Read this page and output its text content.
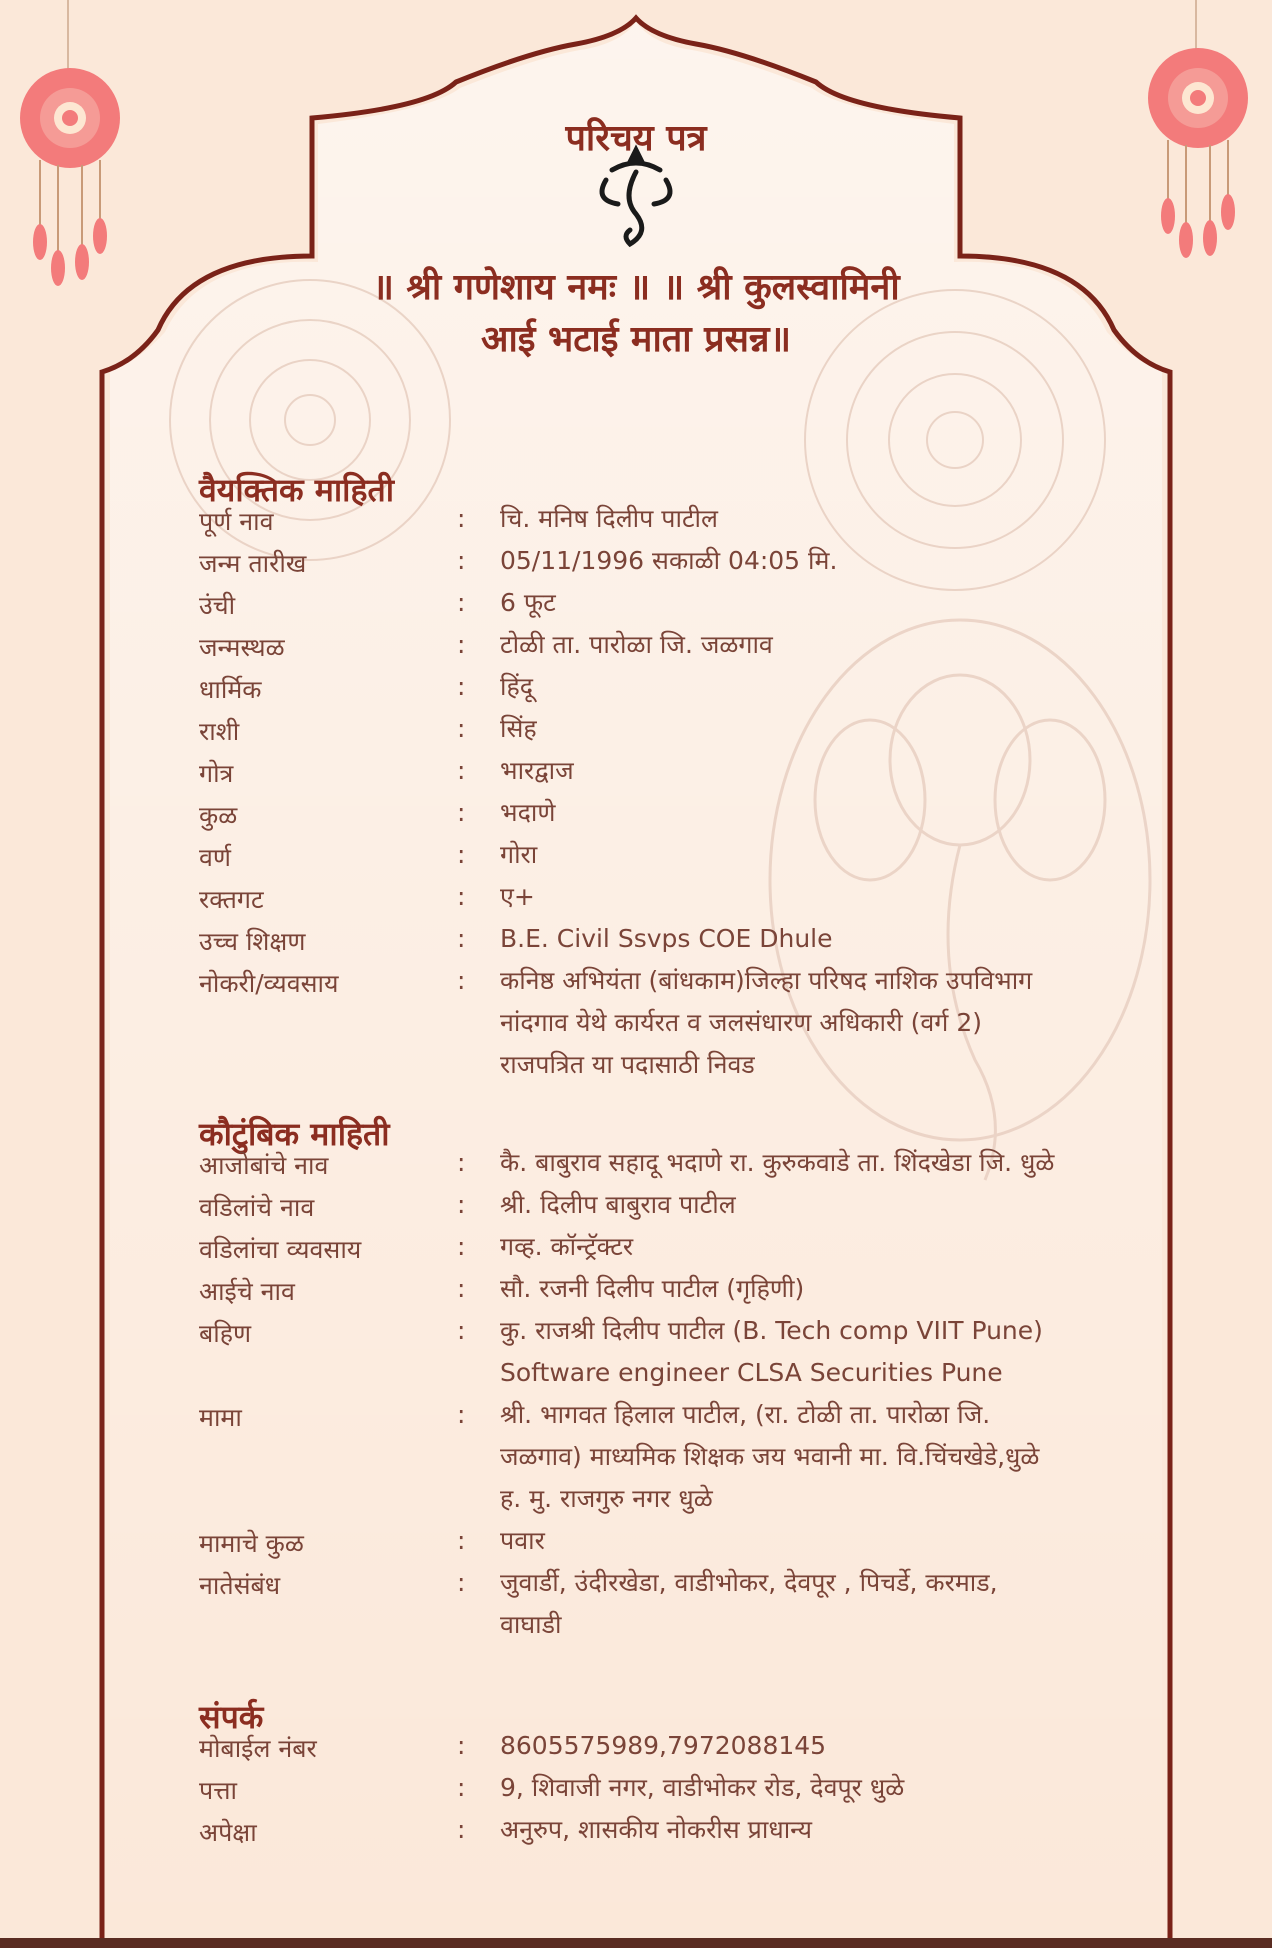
परिचय पत्र
॥ श्री गणेशाय नमः ॥ ॥ श्री कुलस्वामिनी
आई भटाई माता प्रसन्न॥
वैयक्तिक माहिती
पूर्ण नाव	: चि. मनिष दिलीप पाटील
जन्म तारीख	: 05/11/1996 सकाळी 04:05 मि.
उंची	: 6 फूट
जन्मस्थळ	: टोळी ता. पारोळा जि. जळगाव
धार्मिक	: हिंदू
राशी	: सिंह
गोत्र	: भारद्वाज
कुळ	: भदाणे
वर्ण	: गोरा
रक्तगट	: ए+
उच्च शिक्षण	: B.E. Civil Ssvps COE Dhule
नोकरी/व्यवसाय	: कनिष्ठ अभियंता (बांधकाम)जिल्हा परिषद नाशिक उपविभाग
नांदगाव येथे कार्यरत व जलसंधारण अधिकारी (वर्ग 2)
राजपत्रित या पदासाठी निवड
कौटुंबिक माहिती
आजोबांचे नाव	: कै. बाबुराव सहादू भदाणे रा. कुरुकवाडे ता. शिंदखेडा जि. धुळे
वडिलांचे नाव	: श्री. दिलीप बाबुराव पाटील
वडिलांचा व्यवसाय	: गव्ह. कॉन्ट्रॅक्टर
आईचे नाव	: सौ. रजनी दिलीप पाटील (गृहिणी)
बहिण	: कु. राजश्री दिलीप पाटील (B. Tech comp VIIT Pune)
Software engineer CLSA Securities Pune
मामा	: श्री. भागवत हिलाल पाटील, (रा. टोळी ता. पारोळा जि.
जळगाव) माध्यमिक शिक्षक जय भवानी मा. वि.चिंचखेडे,धुळे
ह. मु. राजगुरु नगर धुळे
मामाचे कुळ	: पवार
नातेसंबंध	: जुवार्डी, उंदीरखेडा, वाडीभोकर, देवपूर , पिचर्डे, करमाड,
वाघाडी
संपर्क
मोबाईल नंबर	: 8605575989,7972088145
पत्ता	: 9, शिवाजी नगर, वाडीभोकर रोड, देवपूर धुळे
अपेक्षा	: अनुरुप, शासकीय नोकरीस प्राधान्य
